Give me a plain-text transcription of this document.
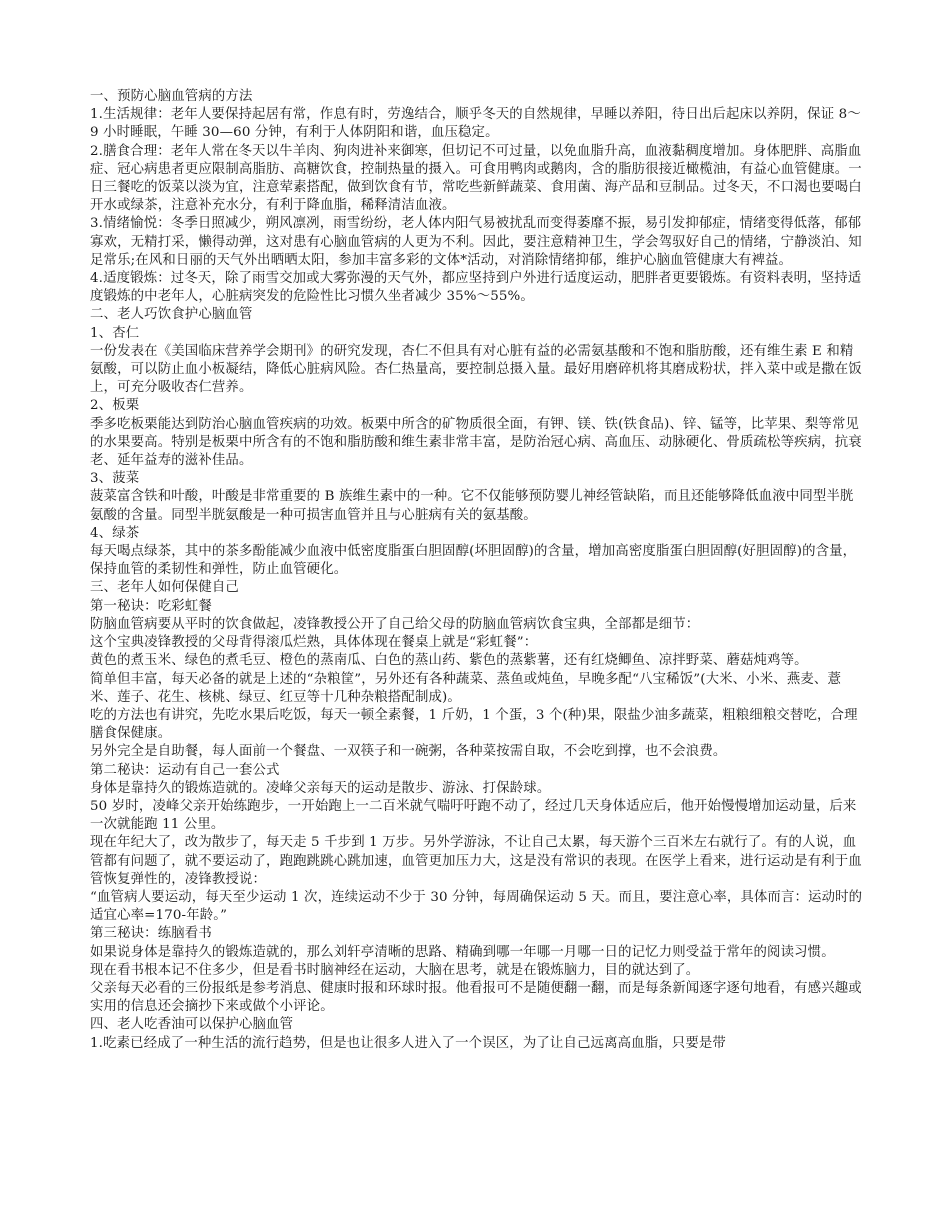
一、预防心脑血管病的方法

1.生活规律：老年人要保持起居有常，作息有时，劳逸结合，顺乎冬天的自然规律，早睡以养阳，待日出后起床以养阴，保证 8～9 小时睡眠，午睡 30—60 分钟，有利于人体阴阳和谐，血压稳定。

2.膳食合理：老年人常在冬天以牛羊肉、狗肉进补来御寒，但切记不可过量，以免血脂升高，血液黏稠度增加。身体肥胖、高脂血症、冠心病患者更应限制高脂肪、高糖饮食，控制热量的摄入。可食用鸭肉或鹅肉，含的脂肪很接近橄榄油，有益心血管健康。一日三餐吃的饭菜以淡为宜，注意荤素搭配，做到饮食有节，常吃些新鲜蔬菜、食用菌、海产品和豆制品。过冬天，不口渴也要喝白开水或绿茶，注意补充水分，有利于降血脂，稀释清洁血液。

3.情绪愉悦：冬季日照减少，朔风凛冽，雨雪纷纷，老人体内阳气易被扰乱而变得萎靡不振，易引发抑郁症，情绪变得低落，郁郁寡欢，无精打采，懒得动弹，这对患有心脑血管病的人更为不利。因此，要注意精神卫生，学会驾驭好自己的情绪，宁静淡泊、知足常乐;在风和日丽的天气外出晒晒太阳，参加丰富多彩的文体*活动，对消除情绪抑郁，维护心脑血管健康大有裨益。

4.适度锻炼：过冬天，除了雨雪交加或大雾弥漫的天气外，都应坚持到户外进行适度运动，肥胖者更要锻炼。有资料表明，坚持适度锻炼的中老年人，心脏病突发的危险性比习惯久坐者减少 35%～55%。

二、老人巧饮食护心脑血管

1、杏仁

一份发表在《美国临床营养学会期刊》的研究发现，杏仁不但具有对心脏有益的必需氨基酸和不饱和脂肪酸，还有维生素 E 和精氨酸，可以防止血小板凝结，降低心脏病风险。杏仁热量高，要控制总摄入量。最好用磨碎机将其磨成粉状，拌入菜中或是撒在饭上，可充分吸收杏仁营养。

2、板栗

季多吃板栗能达到防治心脑血管疾病的功效。板栗中所含的矿物质很全面，有钾、镁、铁(铁食品)、锌、锰等，比苹果、梨等常见的水果要高。特别是板栗中所含有的不饱和脂肪酸和维生素非常丰富，是防治冠心病、高血压、动脉硬化、骨质疏松等疾病，抗衰老、延年益寿的滋补佳品。

3、菠菜

菠菜富含铁和叶酸，叶酸是非常重要的 B 族维生素中的一种。它不仅能够预防婴儿神经管缺陷，而且还能够降低血液中同型半胱氨酸的含量。同型半胱氨酸是一种可损害血管并且与心脏病有关的氨基酸。

4、绿茶

每天喝点绿茶，其中的茶多酚能减少血液中低密度脂蛋白胆固醇(坏胆固醇)的含量，增加高密度脂蛋白胆固醇(好胆固醇)的含量，保持血管的柔韧性和弹性，防止血管硬化。

三、老年人如何保健自己

第一秘诀：吃彩虹餐

防脑血管病要从平时的饮食做起，凌锋教授公开了自己给父母的防脑血管病饮食宝典，全部都是细节：

这个宝典凌锋教授的父母背得滚瓜烂熟，具体体现在餐桌上就是“彩虹餐”：

黄色的煮玉米、绿色的煮毛豆、橙色的蒸南瓜、白色的蒸山药、紫色的蒸紫薯，还有红烧鲫鱼、凉拌野菜、蘑菇炖鸡等。

简单但丰富，每天必备的就是上述的“杂粮筐”，另外还有各种蔬菜、蒸鱼或炖鱼，早晚多配“八宝稀饭”(大米、小米、燕麦、薏米、莲子、花生、核桃、绿豆、红豆等十几种杂粮搭配制成)。

吃的方法也有讲究，先吃水果后吃饭，每天一顿全素餐，1 斤奶，1 个蛋，3 个(种)果，限盐少油多蔬菜，粗粮细粮交替吃，合理膳食保健康。

另外完全是自助餐，每人面前一个餐盘、一双筷子和一碗粥，各种菜按需自取，不会吃到撑，也不会浪费。

第二秘诀：运动有自己一套公式

身体是靠持久的锻炼造就的。凌峰父亲每天的运动是散步、游泳、打保龄球。

50 岁时，凌峰父亲开始练跑步，一开始跑上一二百米就气喘吁吁跑不动了，经过几天身体适应后，他开始慢慢增加运动量，后来一次就能跑 11 公里。

现在年纪大了，改为散步了，每天走 5 千步到 1 万步。另外学游泳，不让自己太累，每天游个三百米左右就行了。有的人说，血管都有问题了，就不要运动了，跑跑跳跳心跳加速，血管更加压力大，这是没有常识的表现。在医学上看来，进行运动是有利于血管恢复弹性的，凌锋教授说：

“血管病人要运动，每天至少运动 1 次，连续运动不少于 30 分钟，每周确保运动 5 天。而且，要注意心率，具体而言：运动时的适宜心率=170-年龄。”

第三秘诀：练脑看书

如果说身体是靠持久的锻炼造就的，那么刘轩亭清晰的思路、精确到哪一年哪一月哪一日的记忆力则受益于常年的阅读习惯。

现在看书根本记不住多少，但是看书时脑神经在运动，大脑在思考，就是在锻炼脑力，目的就达到了。

父亲每天必看的三份报纸是参考消息、健康时报和环球时报。他看报可不是随便翻一翻，而是每条新闻逐字逐句地看，有感兴趣或实用的信息还会摘抄下来或做个小评论。

四、老人吃香油可以保护心脑血管

1.吃素已经成了一种生活的流行趋势，但是也让很多人进入了一个误区，为了让自己远离高血脂，只要是带
